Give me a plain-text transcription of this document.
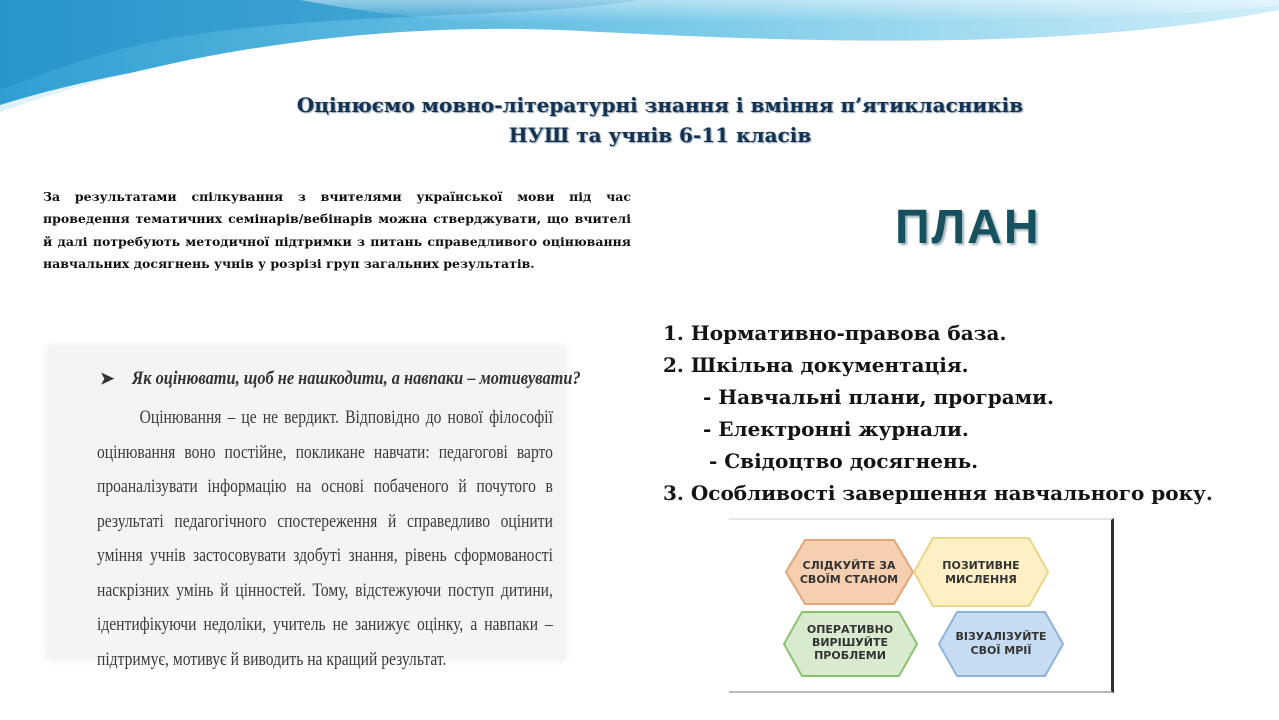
Оцінюємо мовно-літературні знання і вміння п’ятикласників
НУШ та учнів 6-11 класів
За результатами спілкування з вчителями української мови під час проведення тематичних семінарів/вебінарів можна стверджувати, що вчителі й далі потребують методичної підтримки з питань справедливого оцінювання навчальних досягнень учнів у розрізі груп загальних результатів.
➤ Як оцінювати, щоб не нашкодити, а навпаки – мотивувати?
Оцінювання – це не вердикт. Відповідно до нової філософії оцінювання воно постійне, покликане навчати: педагогові варто проаналізувати інформацію на основі побаченого й почутого в результаті педагогічного спостереження й справедливо оцінити уміння учнів застосовувати здобуті знання, рівень сформованості наскрізних умінь й цінностей. Тому, відстежуючи поступ дитини, ідентифікуючи недоліки, учитель не занижує оцінку, а навпаки – підтримує, мотивує й виводить на кращий результат.
ПЛАН
1. Нормативно-правова база.
2. Шкільна документація.
- Навчальні плани, програми.
- Електронні журнали.
- Свідоцтво досягнень.
3. Особливості завершення навчального року.
СЛІДКУЙТЕ ЗА
СВОЇМ СТАНОМ
ПОЗИТИВНЕ
МИСЛЕННЯ
ОПЕРАТИВНО
ВИРІШУЙТЕ
ПРОБЛЕМИ
ВІЗУАЛІЗУЙТЕ
СВОЇ МРІЇ
